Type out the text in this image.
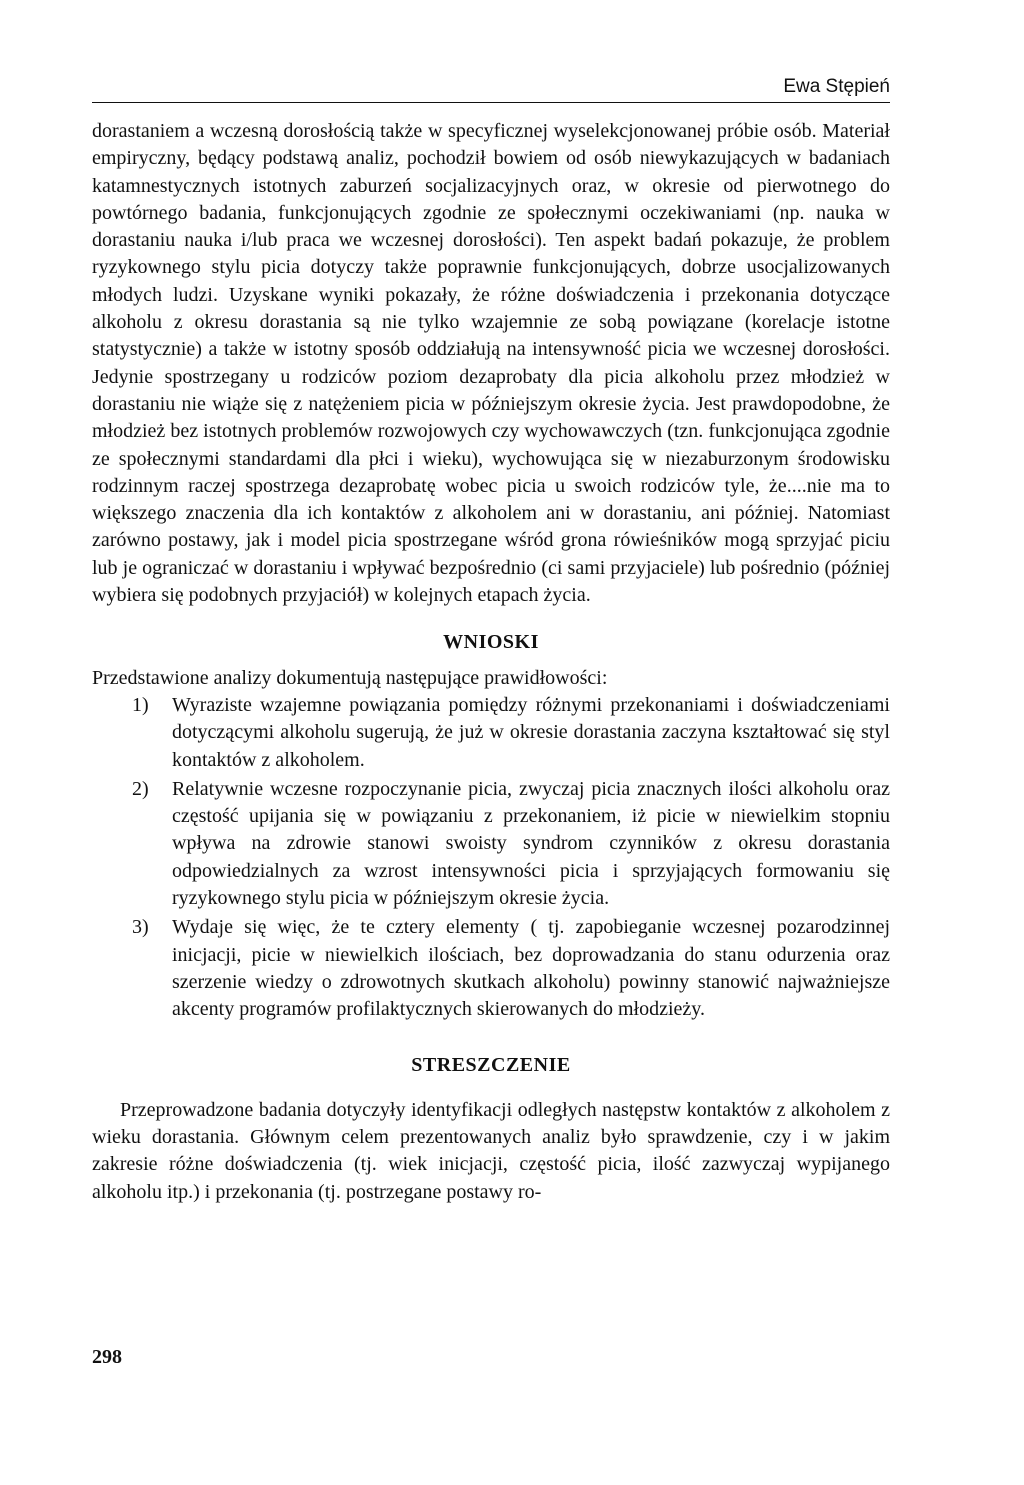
Ewa Stępień

dorastaniem a wczesną dorosłością także w specyficznej wyselekcjonowanej próbie osób. Materiał empiryczny, będący podstawą analiz, pochodził bowiem od osób niewykazujących w badaniach katamnestycznych istotnych zaburzeń socjalizacyjnych oraz, w okresie od pierwotnego do powtórnego badania, funkcjonujących zgodnie ze społecznymi oczekiwaniami (np. nauka w dorastaniu nauka i/lub praca we wczesnej dorosłości). Ten aspekt badań pokazuje, że problem ryzykownego stylu picia dotyczy także poprawnie funkcjonujących, dobrze usocjalizowanych młodych ludzi. Uzyskane wyniki pokazały, że różne doświadczenia i przekonania dotyczące alkoholu z okresu dorastania są nie tylko wzajemnie ze sobą powiązane (korelacje istotne statystycznie) a także w istotny sposób oddziałują na intensywność picia we wczesnej dorosłości. Jedynie spostrzegany u rodziców poziom dezaprobaty dla picia alkoholu przez młodzież w dorastaniu nie wiąże się z natężeniem picia w późniejszym okresie życia. Jest prawdopodobne, że młodzież bez istotnych problemów rozwojowych czy wychowawczych (tzn. funkcjonująca zgodnie ze społecznymi standardami dla płci i wieku), wychowująca się w niezaburzonym środowisku rodzinnym raczej spostrzega dezaprobatę wobec picia u swoich rodziców tyle, że....nie ma to większego znaczenia dla ich kontaktów z alkoholem ani w dorastaniu, ani później. Natomiast zarówno postawy, jak i model picia spostrzegane wśród grona rówieśników mogą sprzyjać piciu lub je ograniczać w dorastaniu i wpływać bezpośrednio (ci sami przyjaciele) lub pośrednio (później wybiera się podobnych przyjaciół) w kolejnych etapach życia.

WNIOSKI

Przedstawione analizy dokumentują następujące prawidłowości:

1)	Wyraziste wzajemne powiązania pomiędzy różnymi przekonaniami i doświadczeniami dotyczącymi alkoholu sugerują, że już w okresie dorastania zaczyna kształtować się styl kontaktów z alkoholem.
2)	Relatywnie wczesne rozpoczynanie picia, zwyczaj picia znacznych ilości alkoholu oraz częstość upijania się w powiązaniu z przekonaniem, iż picie w niewielkim stopniu wpływa na zdrowie stanowi swoisty syndrom czynników z okresu dorastania odpowiedzialnych za wzrost intensywności picia i sprzyjających formowaniu się ryzykownego stylu picia w późniejszym okresie życia.
3)	Wydaje się więc, że te cztery elementy ( tj. zapobieganie wczesnej pozarodzinnej inicjacji, picie w niewielkich ilościach, bez doprowadzania do stanu odurzenia oraz szerzenie wiedzy o zdrowotnych skutkach alkoholu) powinny stanowić najważniejsze akcenty programów profilaktycznych skierowanych do młodzieży.
STRESZCZENIE

Przeprowadzone badania dotyczyły identyfikacji odległych następstw kontaktów z alkoholem z wieku dorastania. Głównym celem prezentowanych analiz było sprawdzenie, czy i w jakim zakresie różne doświadczenia (tj. wiek inicjacji, częstość picia, ilość zazwyczaj wypijanego alkoholu itp.) i przekonania (tj. postrzegane postawy ro-

298
